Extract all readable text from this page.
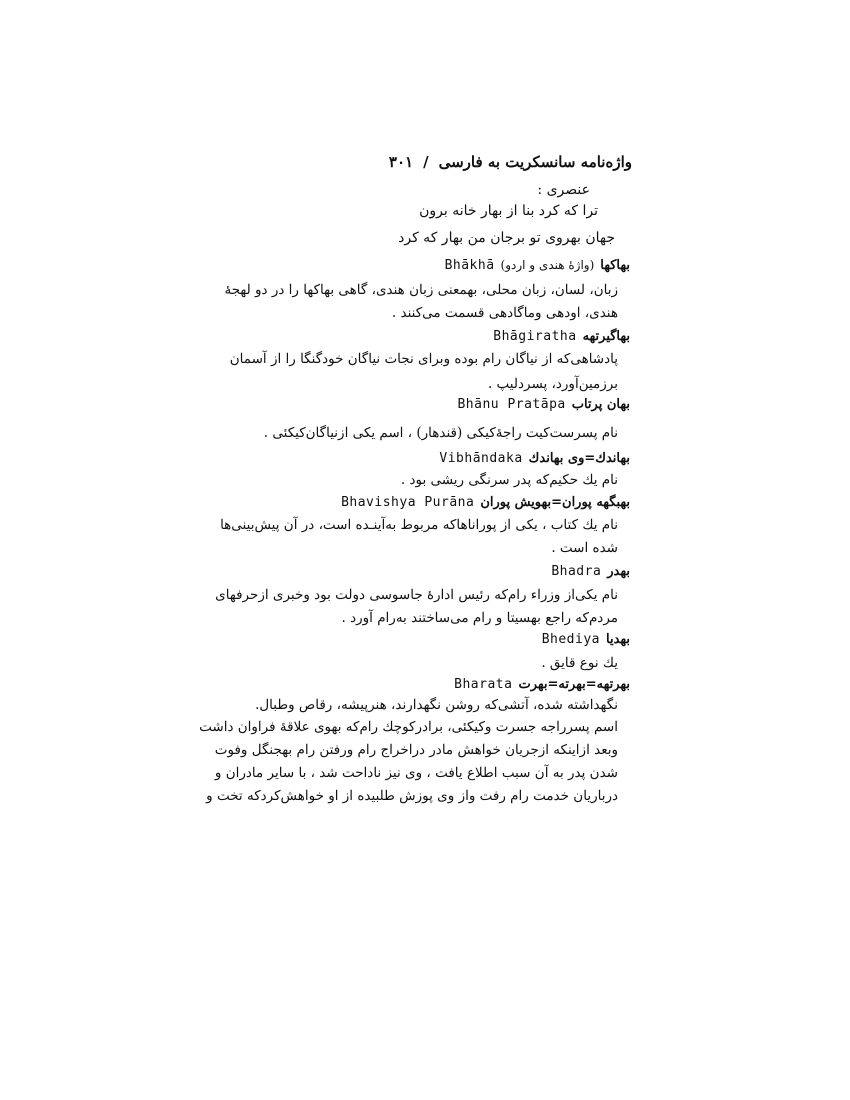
واژه‌نامه سانسکریت به فارسی
/
۳۰۱
عنصری :
ترا که کرد بنا از بهار خانه برون
جهان بهروی تو برجان من بهار که کرد
بهاکها
(واژهٔ هندی و اردو)
Bhākhā
زبان، لسان، زبان محلی، بهمعنی زبان هندی، گاهی بهاکها را در دو لهجهٔ
هندی، اودهی وماگادهی قسمت می‌کنند .
بهاگیرتهه
Bhāgiratha
پادشاهی‌که از نیاگان رام بوده وبرای نجات نیاگان خودگنگا را از آسمان
برزمین‌آورد، پسردلیپ .
بهان پرتاب
Bhānu Pratāpa
نام پسرست‌کیت راجهٔ‌کیکی (قندهار) ، اسم یکی ازنیاگان‌کیکئی .
بهاندك=وی بهاندك
Vibhāndaka
نام یك حکیم‌که پدر سرنگی ریشی بود .
بهبگهه پوران=بهویش پوران
Bhavishya Purāna
نام یك کتاب ، یکی از پوراناها‌که مربوط به‌آینـده است، در آن پیش‌بینی‌ها
شده است .
بهدر
Bhadra
نام یکی‌از وزراء رام‌که رئیس ادارهٔ جاسوسی دولت بود وخبری ازحرفهای
مردم‌که راجع بهسیتا و رام می‌ساختند به‌رام آورد .
بهدیا
Bhediya
یك نوع قایق .
بهرتهه=بهرته=بهرت
Bharata
نگهداشته شده، آتشی‌که روشن نگهدارند، هنرپیشه، رقاص وطبال.
اسم پسرراجه جسرت وکیکئی، برادرکوچك رام‌که بهوی علاقهٔ فراوان داشت
وبعد ازاینکه ازجریان خواهش مادر دراخراج رام ورفتن رام بهجنگل وفوت
شدن پدر به آن سبب اطلاع یافت ، وی نیز ناداحت شد ، با سایر مادران و
درباریان خدمت رام رفت واز وی پوزش طلبیده از او خواهش‌کردکه تخت و
